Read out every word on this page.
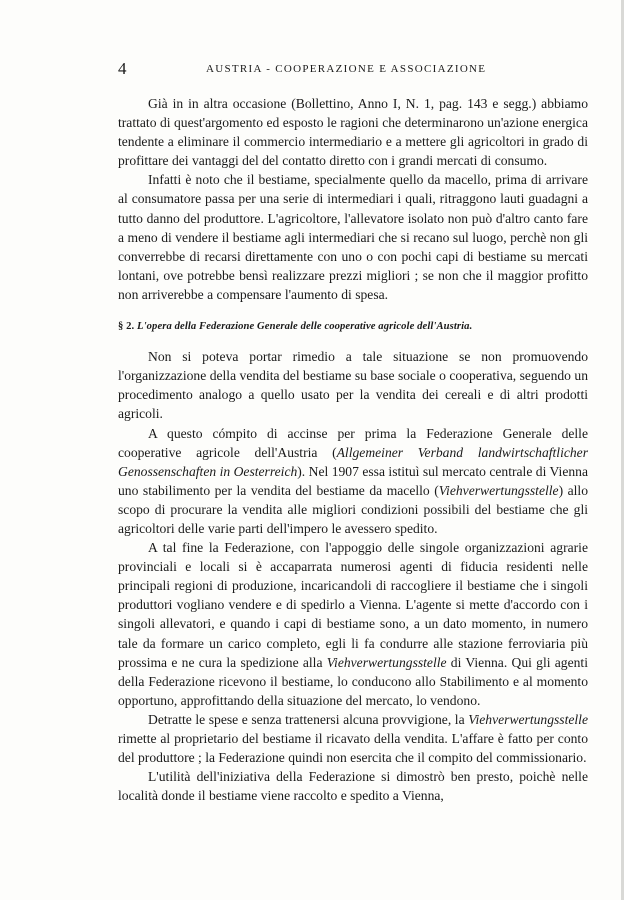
4	AUSTRIA - COOPERAZIONE E ASSOCIAZIONE

Già in in altra occasione (Bollettino, Anno I, N. 1, pag. 143 e segg.) abbiamo trattato di quest'argomento ed esposto le ragioni che determinarono un'azione energica tendente a eliminare il commercio intermediario e a mettere gli agricoltori in grado di profittare dei vantaggi del del contatto diretto con i grandi mercati di consumo.

Infatti è noto che il bestiame, specialmente quello da macello, prima di arrivare al consumatore passa per una serie di intermediari i quali, ritraggono lauti guadagni a tutto danno del produttore. L'agricoltore, l'allevatore isolato non può d'altro canto fare a meno di vendere il bestiame agli intermediari che si recano sul luogo, perchè non gli converrebbe di recarsi direttamente con uno o con pochi capi di bestiame su mercati lontani, ove potrebbe bensì realizzare prezzi migliori ; se non che il maggior profitto non arriverebbe a compensare l'aumento di spesa.

§ 2. L'opera della Federazione Generale delle cooperative agricole dell'Austria.

Non si poteva portar rimedio a tale situazione se non promuovendo l'organizzazione della vendita del bestiame su base sociale o cooperativa, seguendo un procedimento analogo a quello usato per la vendita dei cereali e di altri prodotti agricoli.

A questo cómpito di accinse per prima la Federazione Generale delle cooperative agricole dell'Austria (Allgemeiner Verband landwirtschaftlicher Genossenschaften in Oesterreich). Nel 1907 essa istituì sul mercato centrale di Vienna uno stabilimento per la vendita del bestiame da macello (Viehverwertungsstelle) allo scopo di procurare la vendita alle migliori condizioni possibili del bestiame che gli agricoltori delle varie parti dell'impero le avessero spedito.

A tal fine la Federazione, con l'appoggio delle singole organizzazioni agrarie provinciali e locali si è accaparrata numerosi agenti di fiducia residenti nelle principali regioni di produzione, incaricandoli di raccogliere il bestiame che i singoli produttori vogliano vendere e di spedirlo a Vienna. L'agente si mette d'accordo con i singoli allevatori, e quando i capi di bestiame sono, a un dato momento, in numero tale da formare un carico completo, egli li fa condurre alle stazione ferroviaria più prossima e ne cura la spedizione alla Viehverwertungsstelle di Vienna. Qui gli agenti della Federazione ricevono il bestiame, lo conducono allo Stabilimento e al momento opportuno, approfittando della situazione del mercato, lo vendono.

Detratte le spese e senza trattenersi alcuna provvigione, la Viehverwertungsstelle rimette al proprietario del bestiame il ricavato della vendita. L'affare è fatto per conto del produttore ; la Federazione quindi non esercita che il compito del commissionario.

L'utilità dell'iniziativa della Federazione si dimostrò ben presto, poichè nelle località donde il bestiame viene raccolto e spedito a Vienna,
